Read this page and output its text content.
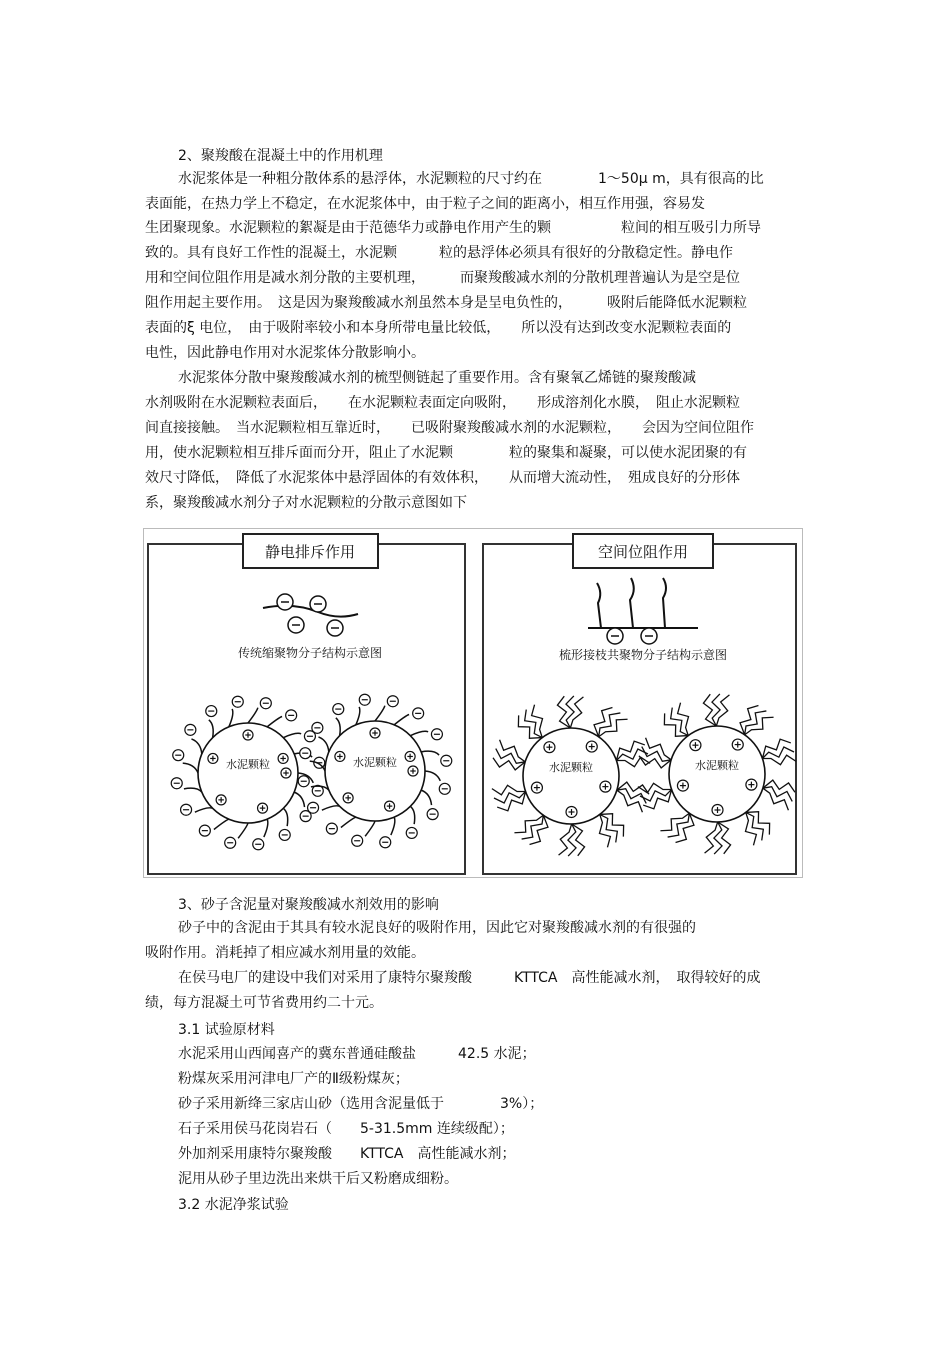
2、聚羧酸在混凝土中的作用机理
水泥浆体是一种粗分散体系的悬浮体，水泥颗粒的尺寸约在　　　　1～50μ m，具有很高的比
表面能，在热力学上不稳定，在水泥浆体中，由于粒子之间的距离小，相互作用强，容易发
生团聚现象。水泥颗粒的絮凝是由于范德华力或静电作用产生的颗　　　　　粒间的相互吸引力所导
致的。具有良好工作性的混凝土，水泥颗　　　粒的悬浮体必须具有很好的分散稳定性。静电作
用和空间位阻作用是减水剂分散的主要机理，　　　而聚羧酸减水剂的分散机理普遍认为是空是位
阻作用起主要作用。　这是因为聚羧酸减水剂虽然本身是呈电负性的，　　　吸附后能降低水泥颗粒
表面的ξ 电位，　由于吸附率较小和本身所带电量比较低，　　所以没有达到改变水泥颗粒表面的
电性，因此静电作用对水泥浆体分散影响小。
水泥浆体分散中聚羧酸减水剂的梳型侧链起了重要作用。含有聚氧乙烯链的聚羧酸减
水剂吸附在水泥颗粒表面后，　　在水泥颗粒表面定向吸附，　　形成溶剂化水膜，　阻止水泥颗粒
间直接接触。　当水泥颗粒相互靠近时，　　已吸附聚羧酸减水剂的水泥颗粒，　　会因为空间位阻作
用，使水泥颗粒相互排斥面而分开，阻止了水泥颗　　　　粒的聚集和凝聚，可以使水泥团聚的有
效尺寸降低，　降低了水泥浆体中悬浮固体的有效体积，　　从而增大流动性，　殂成良好的分形体
系，聚羧酸减水剂分子对水泥颗粒的分散示意图如下
静电排斥作用
传统缩聚物分子结构示意图
空间位阻作用
梳形接枝共聚物分子结构示意图
水泥颗粒	水泥颗粒	水泥颗粒	水泥颗粒
3、砂子含泥量对聚羧酸减水剂效用的影响
砂子中的含泥由于其具有较水泥良好的吸附作用，因此它对聚羧酸减水剂的有很强的
吸附作用。消耗掉了相应减水剂用量的效能。
在侯马电厂的建设中我们对采用了康特尔聚羧酸　　　KTTCA　高性能减水剂，　取得较好的成
绩，每方混凝土可节省费用约二十元。
3.1 试验原材料
水泥采用山西闻喜产的冀东普通硅酸盐　　　42.5 水泥；
粉煤灰采用河津电厂产的Ⅱ级粉煤灰；
砂子采用新绛三家店山砂（选用含泥量低于　　　　3%）；
石子采用侯马花岗岩石（　　5-31.5mm 连续级配）；
外加剂采用康特尔聚羧酸　　KTTCA　高性能减水剂；
泥用从砂子里边洗出来烘干后又粉磨成细粉。
3.2 水泥净浆试验
